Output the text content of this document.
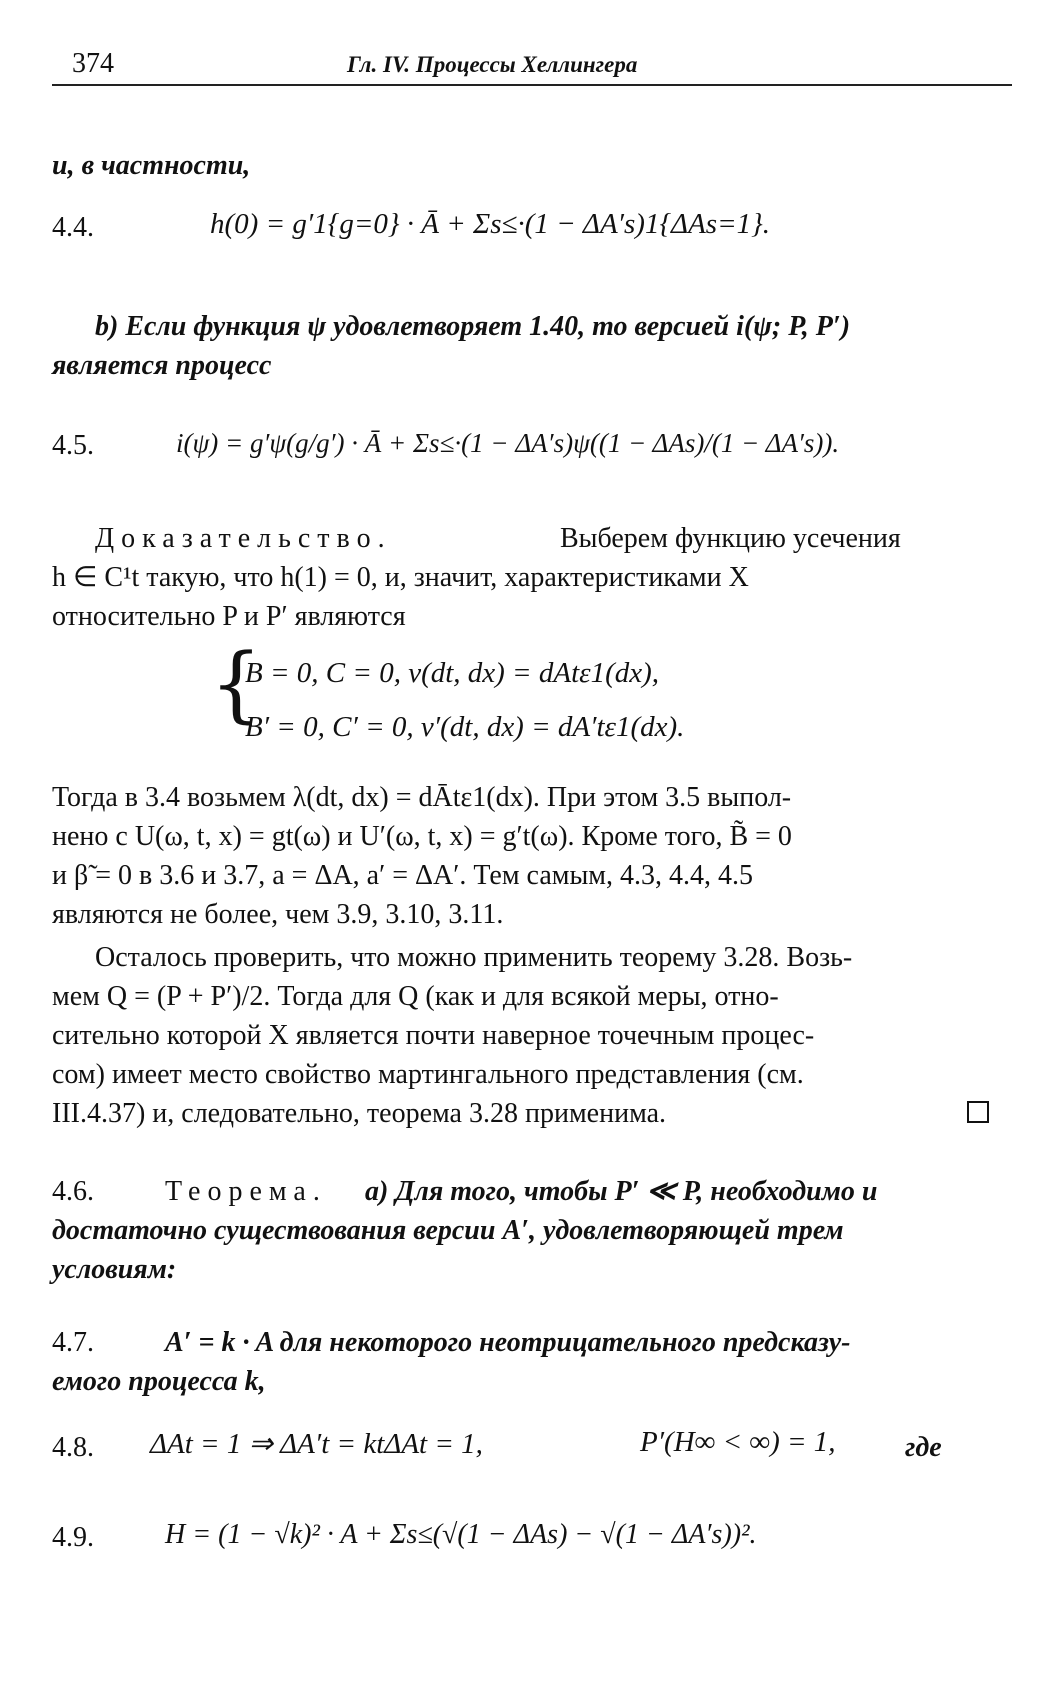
374	Гл. IV. Процессы Хеллингера
и, в частности,
4.4.	h(0) = g′1{g=0} · Ā + Σs≤·(1 − ΔA′s)1{ΔAs=1}.
b) Если функция ψ удовлетворяет 1.40, то версией i(ψ; P, P′)
является процесс
4.5.	i(ψ) = g′ψ(g/g′) · Ā + Σs≤·(1 − ΔA′s)ψ((1 − ΔAs)/(1 − ΔA′s)).
Доказательство.	Выберем функцию усечения
h ∈ C¹t такую, что h(1) = 0, и, значит, характеристиками X
относительно P и P′ являются
{
B = 0, C = 0, ν(dt, dx) = dAtε1(dx),
B′ = 0, C′ = 0, ν′(dt, dx) = dA′tε1(dx).
Тогда в 3.4 возьмем λ(dt, dx) = dĀtε1(dx). При этом 3.5 выпол-
нено с U(ω, t, x) = gt(ω) и U′(ω, t, x) = g′t(ω). Кроме того, B̃ = 0
и β̃ = 0 в 3.6 и 3.7, a = ΔA, a′ = ΔA′. Тем самым, 4.3, 4.4, 4.5
являются не более, чем 3.9, 3.10, 3.11.
Осталось проверить, что можно применить теорему 3.28. Возь-
мем Q = (P + P′)/2. Тогда для Q (как и для всякой меры, отно-
сительно которой X является почти наверное точечным процес-
сом) имеет место свойство мартингального представления (см.
III.4.37) и, следовательно, теорема 3.28 применима.
4.6.	Теорема. a) Для того, чтобы P′ ≪ P, необходимо и
достаточно существования версии A′, удовлетворяющей трем
условиям:
4.7.	A′ = k · A для некоторого неотрицательного предсказу-
емого процесса k,
4.8. ΔAt = 1 ⇒ ΔA′t = ktΔAt = 1,	P′(H∞ < ∞) = 1, где
4.9.	H = (1 − √k)² · A + Σs≤(√(1 − ΔAs) − √(1 − ΔA′s))².
